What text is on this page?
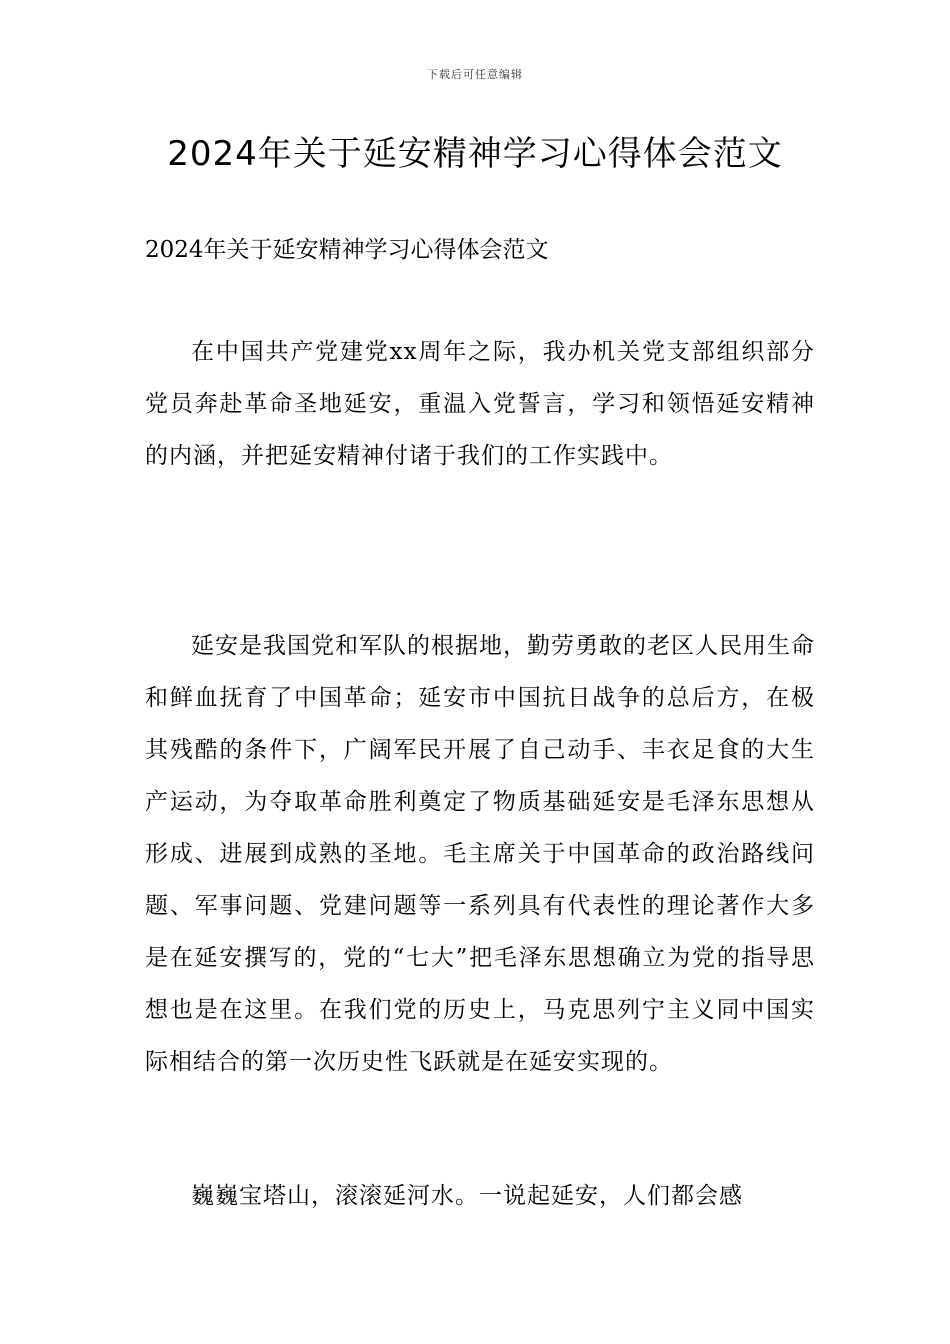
下载后可任意编辑
2024年关于延安精神学习心得体会范文

2024年关于延安精神学习心得体会范文

在中国共产党建党xx周年之际，我办机关党支部组织部分党员奔赴革命圣地延安，重温入党誓言，学习和领悟延安精神的内涵，并把延安精神付诸于我们的工作实践中。

延安是我国党和军队的根据地，勤劳勇敢的老区人民用生命和鲜血抚育了中国革命；延安市中国抗日战争的总后方，在极其残酷的条件下，广阔军民开展了自己动手、丰衣足食的大生产运动，为夺取革命胜利奠定了物质基础延安是毛泽东思想从形成、进展到成熟的圣地。毛主席关于中国革命的政治路线问题、军事问题、党建问题等一系列具有代表性的理论著作大多是在延安撰写的，党的“七大”把毛泽东思想确立为党的指导思想也是在这里。在我们党的历史上，马克思列宁主义同中国实际相结合的第一次历史性飞跃就是在延安实现的。

巍巍宝塔山，滚滚延河水。一说起延安，人们都会感
